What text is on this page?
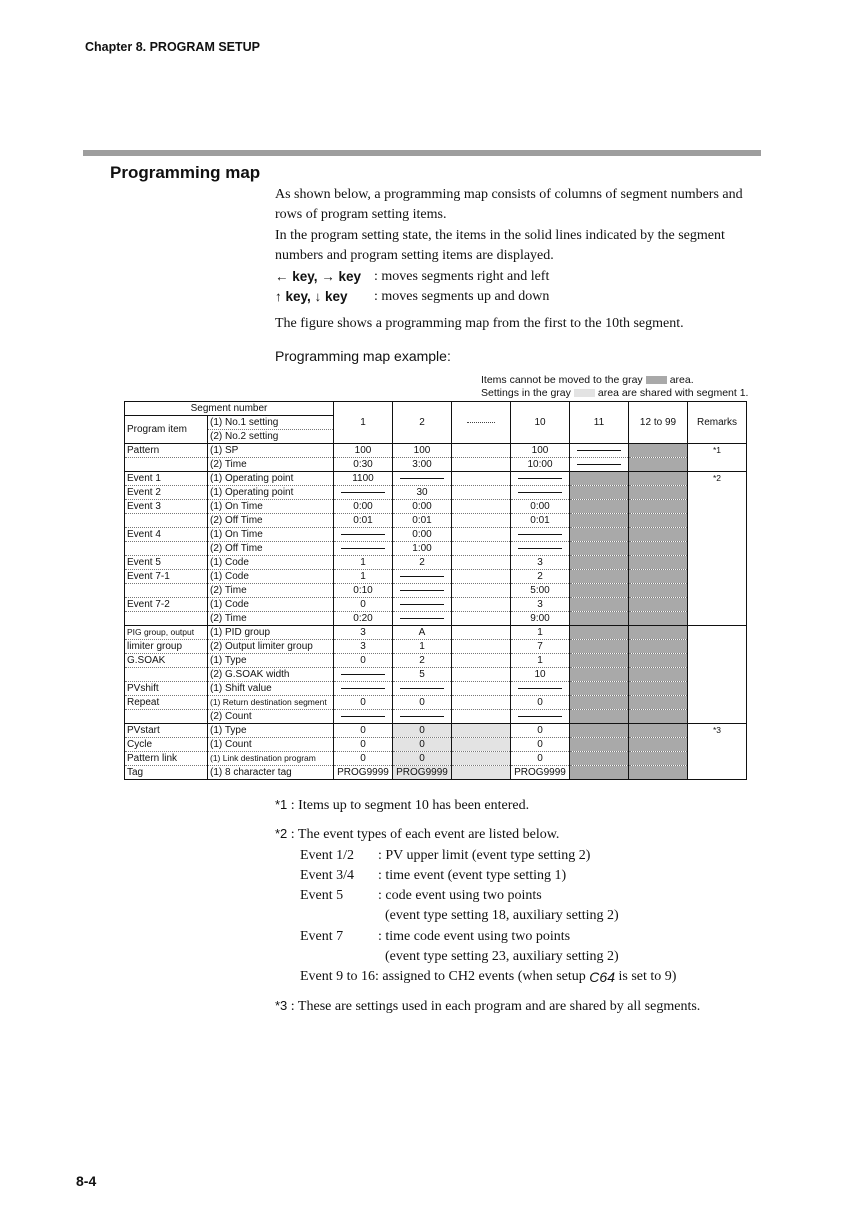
Chapter 8. PROGRAM SETUP
Programming map

As shown below, a programming map consists of columns of segment numbers and rows of program setting items.

In the program setting state, the items in the solid lines indicated by the segment numbers and program setting items are displayed.

← key, → key : moves segments right and left
↑ key, ↓ key	: moves segments up and down

The figure shows a programming map from the first to the 10th segment.

Programming map example:
Items cannot be moved to the gray	area.
Settings in the gray	area are shared with segment 1.
Segment number		1	2		10	11	12 to 99	Remarks
Program item	(1) No.1 setting							
	(2) No.2 setting							
Pattern	(1) SP	100	100		100			*1
	(2) Time	0:30	3:00		10:00			
Event 1	(1) Operating point	1100						*2
Event 2	(1) Operating point		30					
Event 3	(1) On Time	0:00	0:00		0:00			
	(2) Off Time	0:01	0:01		0:01			
Event 4	(1) On Time		0:00					
	(2) Off Time		1:00					
Event 5	(1) Code	1	2		3			
Event 7-1	(1) Code	1			2			
	(2) Time	0:10			5:00			
Event 7-2	(1) Code	0			3			
	(2) Time	0:20			9:00			
PIG group, output	(1) PID group	3	A		1			
limiter group	(2) Output limiter group	3	1		7			
G.SOAK	(1) Type	0	2		1			
	(2) G.SOAK width		5		10			
PVshift	(1) Shift value							
Repeat	(1) Return destination segment	0	0		0			
	(2) Count							
PVstart	(1) Type	0	0		0			*3
Cycle	(1) Count	0	0		0			
Pattern link	(1) Link destination program	0	0		0			
Tag	(1) 8 character tag	PROG9999	PROG9999		PROG9999			
*1 : Items up to segment 10 has been entered.
*2 : The event types of each event are listed below.
Event 1/2	: PV upper limit (event type setting 2)
Event 3/4	: time event (event type setting 1)
Event 5	: code event using two points
(event type setting 18, auxiliary setting 2)
Event 7	: time code event using two points
(event type setting 23, auxiliary setting 2)
Event 9 to 16: assigned to CH2 events (when setup
C64
is set to 9)
*3 : These are settings used in each program and are shared by all segments.
8-4
